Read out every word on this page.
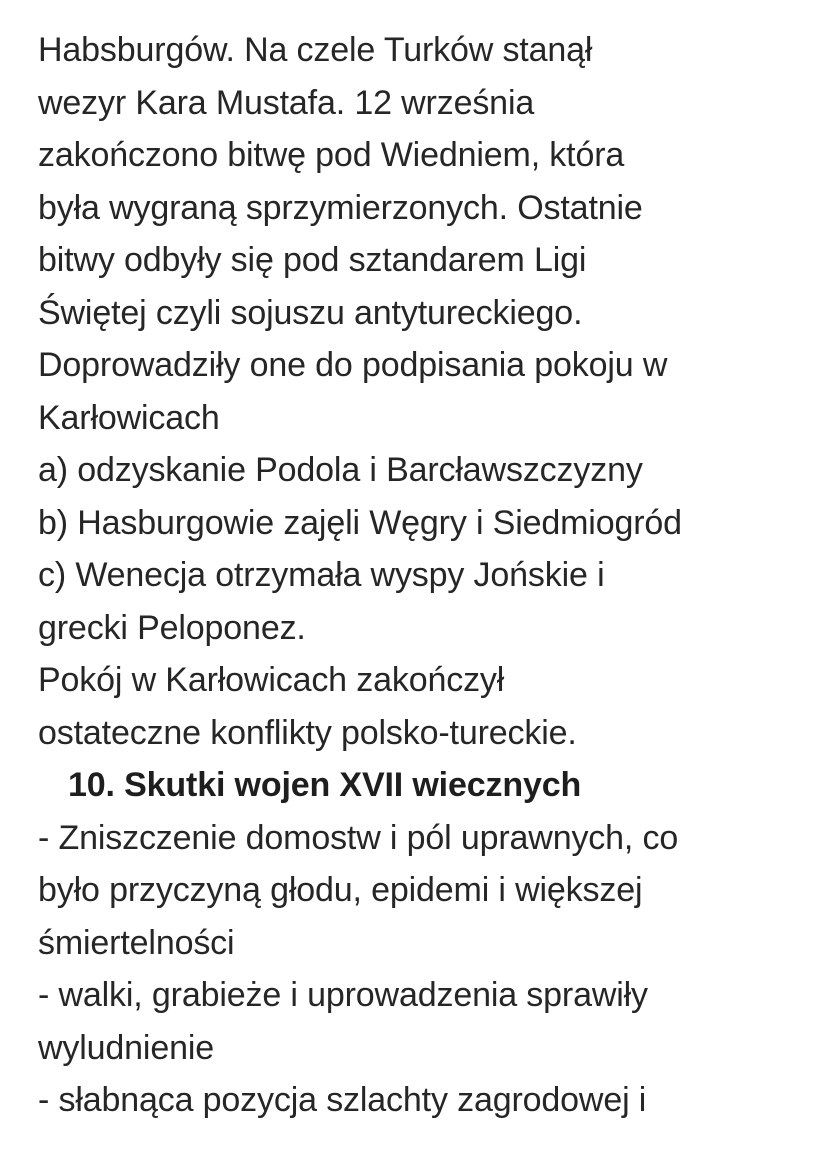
Habsburgów. Na czele Turków stanął
wezyr Kara Mustafa. 12 września
zakończono bitwę pod Wiedniem, która
była wygraną sprzymierzonych. Ostatnie
bitwy odbyły się pod sztandarem Ligi
Świętej czyli sojuszu antytureckiego.
Doprowadziły one do podpisania pokoju w
Karłowicach
a) odzyskanie Podola i Barcławszczyzny
b) Hasburgowie zajęli Węgry i Siedmiogród
c) Wenecja otrzymała wyspy Jońskie i
grecki Peloponez.
Pokój w Karłowicach zakończył
ostateczne konflikty polsko-tureckie.
10. Skutki wojen XVII wiecznych
- Zniszczenie domostw i pól uprawnych, co
było przyczyną głodu, epidemi i większej
śmiertelności
- walki, grabieże i uprowadzenia sprawiły
wyludnienie
- słabnąca pozycja szlachty zagrodowej i
